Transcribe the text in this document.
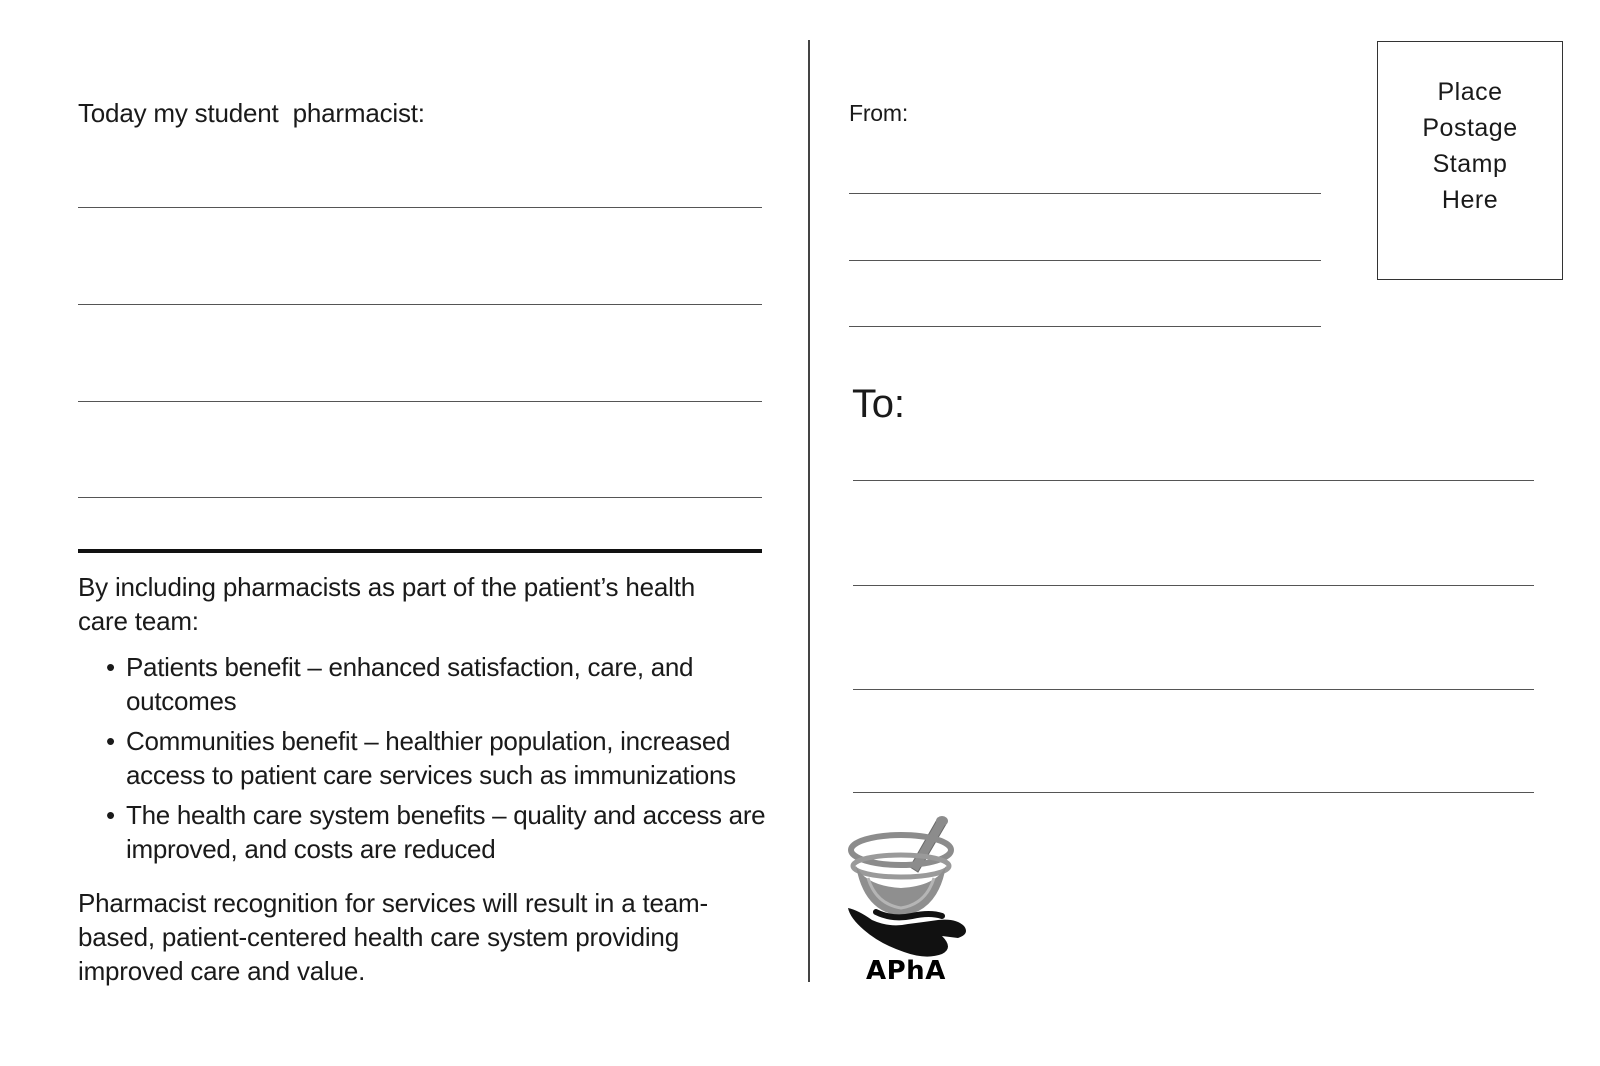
Today my student  pharmacist:

By including pharmacists as part of the patient’s health care team:

• Patients benefit – enhanced satisfaction, care, and outcomes
• Communities benefit – healthier population, increased access to patient care services such as immunizations
• The health care system benefits – quality and access are improved, and costs are reduced

Pharmacist recognition for services will result in a team-based, patient-centered health care system providing improved care and value.

From:

Place
Postage
Stamp
Here

To:

APhA
